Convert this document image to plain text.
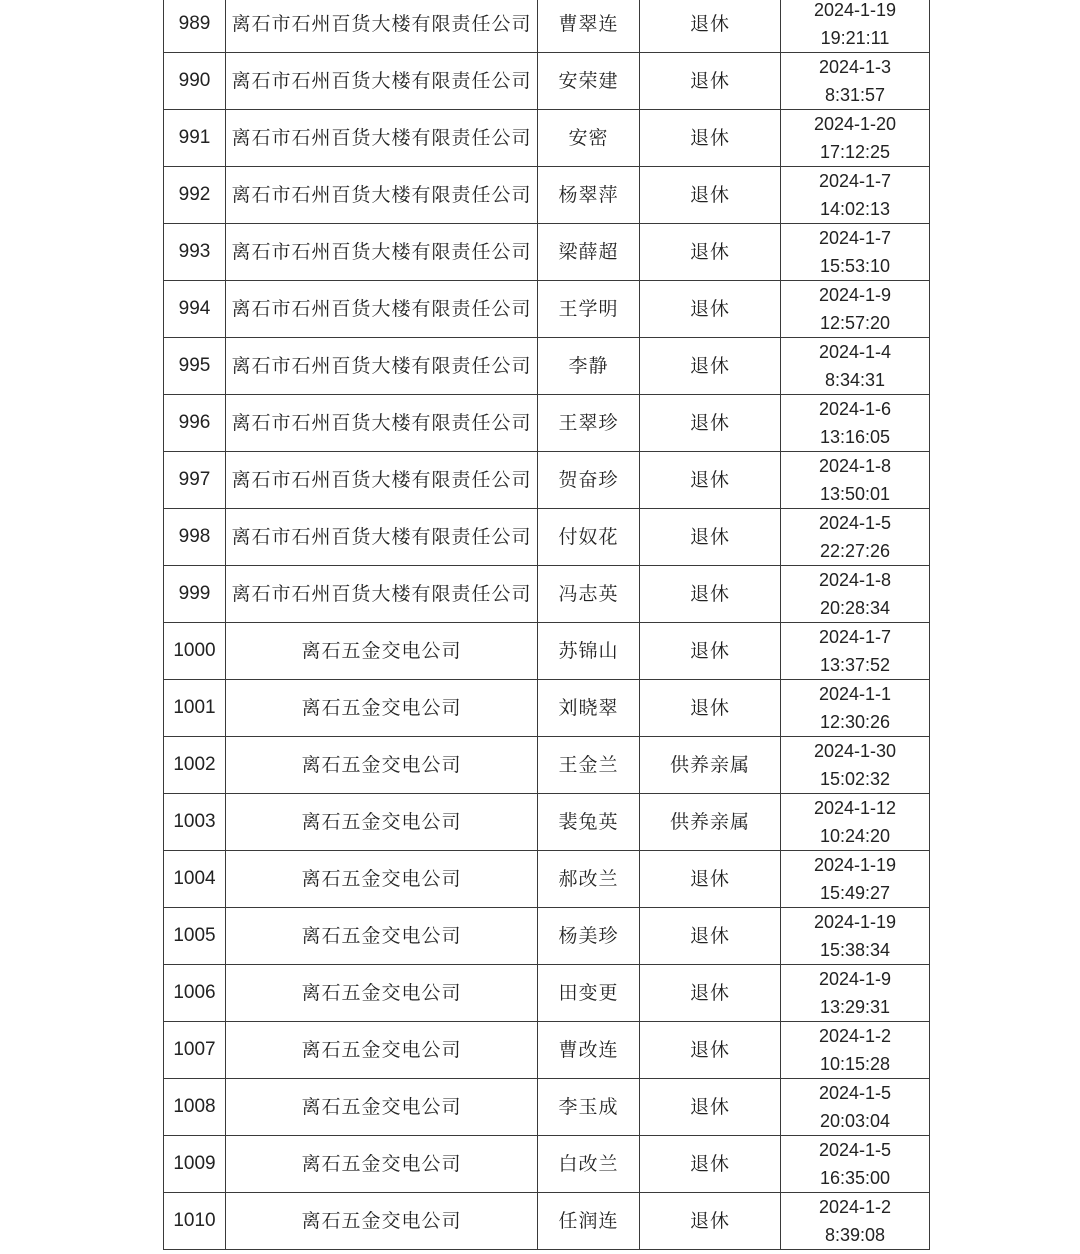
989	离石市石州百货大楼有限责任公司	曹翠连	退休	2024-1-19
19:21:11

990	离石市石州百货大楼有限责任公司	安荣建	退休	2024-1-3
8:31:57

991	离石市石州百货大楼有限责任公司	安密	退休	2024-1-20
17:12:25

992	离石市石州百货大楼有限责任公司	杨翠萍	退休	2024-1-7
14:02:13

993	离石市石州百货大楼有限责任公司	梁薛超	退休	2024-1-7
15:53:10

994	离石市石州百货大楼有限责任公司	王学明	退休	2024-1-9
12:57:20

995	离石市石州百货大楼有限责任公司	李静	退休	2024-1-4
8:34:31

996	离石市石州百货大楼有限责任公司	王翠珍	退休	2024-1-6
13:16:05

997	离石市石州百货大楼有限责任公司	贺奋珍	退休	2024-1-8
13:50:01

998	离石市石州百货大楼有限责任公司	付奴花	退休	2024-1-5
22:27:26

999	离石市石州百货大楼有限责任公司	冯志英	退休	2024-1-8
20:28:34

1000	离石五金交电公司	苏锦山	退休	2024-1-7
13:37:52

1001	离石五金交电公司	刘晓翠	退休	2024-1-1
12:30:26

1002	离石五金交电公司	王金兰	供养亲属	2024-1-30
15:02:32

1003	离石五金交电公司	裴兔英	供养亲属	2024-1-12
10:24:20

1004	离石五金交电公司	郝改兰	退休	2024-1-19
15:49:27

1005	离石五金交电公司	杨美珍	退休	2024-1-19
15:38:34

1006	离石五金交电公司	田变更	退休	2024-1-9
13:29:31

1007	离石五金交电公司	曹改连	退休	2024-1-2
10:15:28

1008	离石五金交电公司	李玉成	退休	2024-1-5
20:03:04

1009	离石五金交电公司	白改兰	退休	2024-1-5
16:35:00

1010	离石五金交电公司	任润连	退休	2024-1-2
8:39:08
